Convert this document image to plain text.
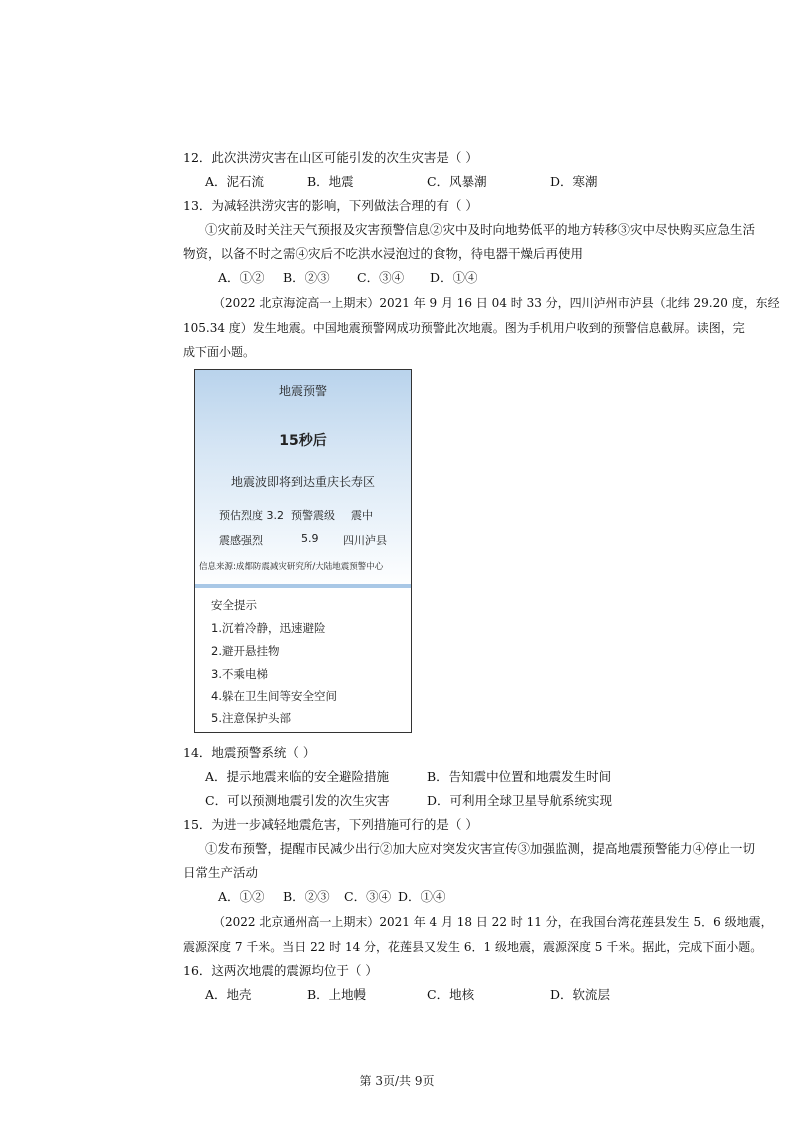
12．此次洪涝灾害在山区可能引发的次生灾害是（ ）
A．泥石流	B．地震	C．风暴潮	D．寒潮
13．为减轻洪涝灾害的影响，下列做法合理的有（ ）
①灾前及时关注天气预报及灾害预警信息②灾中及时向地势低平的地方转移③灾中尽快购买应急生活
物资，以备不时之需④灾后不吃洪水浸泡过的食物，待电器干燥后再使用
A．①② B．②③ C．③④ D．①④
（2022 北京海淀高一上期末）2021 年 9 月 16 日 04 时 33 分，四川泸州市泸县（北纬 29.20 度，东经
105.34 度）发生地震。中国地震预警网成功预警此次地震。图为手机用户收到的预警信息截屏。读图，完
成下面小题。
地震预警
15秒后
地震波即将到达重庆长寿区
预估烈度 3.2 预警震级 震中
震感强烈	5.9 四川泸县
信息来源:成都防震减灾研究所/大陆地震预警中心
安全提示
1.沉着冷静，迅速避险
2.避开悬挂物
3.不乘电梯
4.躲在卫生间等安全空间
5.注意保护头部
14．地震预警系统（ ）
A．提示地震来临的安全避险措施	B．告知震中位置和地震发生时间
C．可以预测地震引发的次生灾害	D．可利用全球卫星导航系统实现
15．为进一步减轻地震危害，下列措施可行的是（ ）
①发布预警，提醒市民减少出行②加大应对突发灾害宣传③加强监测，提高地震预警能力④停止一切
日常生产活动
A．①② B．②③ C．③④ D．①④
（2022 北京通州高一上期末）2021 年 4 月 18 日 22 时 11 分，在我国台湾花莲县发生 5．6 级地震，
震源深度 7 千米。当日 22 时 14 分，花莲县又发生 6．1 级地震，震源深度 5 千米。据此，完成下面小题。
16．这两次地震的震源均位于（ ）
A．地壳	B．上地幔	C．地核	D．软流层
第 3页/共 9页
